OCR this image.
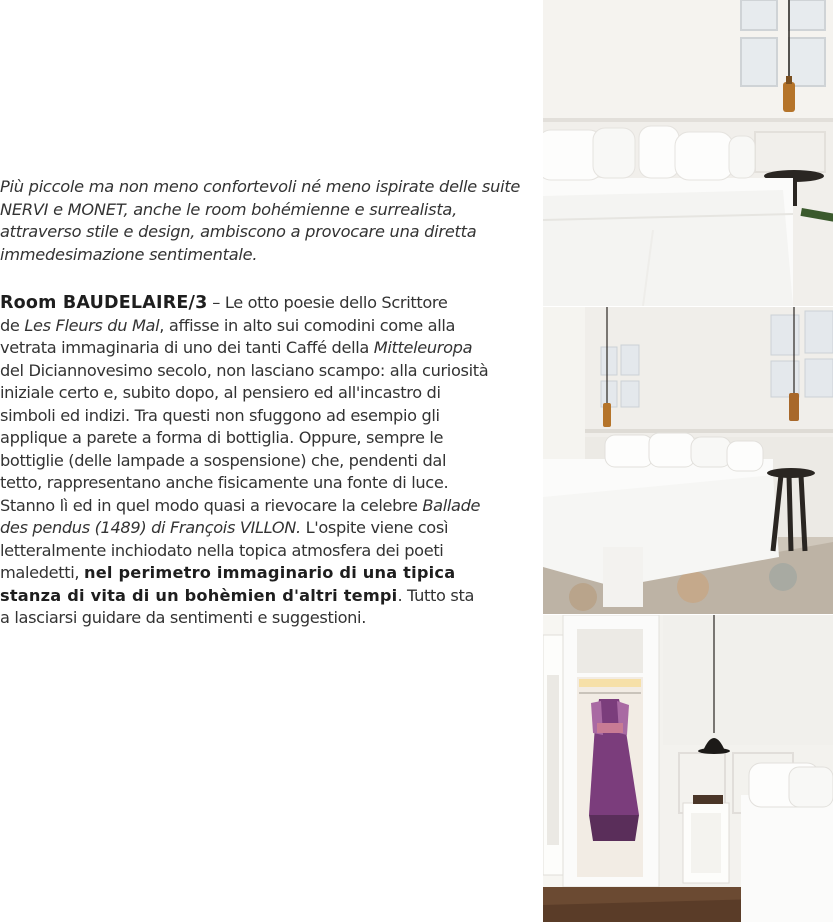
Più piccole ma non meno confortevoli né meno ispirate delle suite
NERVI e MONET, anche le room bohémienne e surrealista,
attraverso stile e design, ambiscono a provocare una diretta
immedesimazione sentimentale.

Room BAUDELAIRE/3 – Le otto poesie dello Scrittore
de Les Fleurs du Mal, affisse in alto sui comodini come alla
vetrata immaginaria di uno dei tanti Caffé della Mitteleuropa
del Diciannovesimo secolo, non lasciano scampo: alla curiosità
iniziale certo e, subito dopo, al pensiero ed all'incastro di
simboli ed indizi. Tra questi non sfuggono ad esempio gli
applique a parete a forma di bottiglia. Oppure, sempre le
bottiglie (delle lampade a sospensione) che, pendenti dal
tetto, rappresentano anche fisicamente una fonte di luce.
Stanno lì ed in quel modo quasi a rievocare la celebre Ballade
des pendus (1489) di François VILLON. L'ospite viene così
letteralmente inchiodato nella topica atmosfera dei poeti
maledetti, nel perimetro immaginario di una tipica
stanza di vita di un bohèmien d'altri tempi. Tutto sta
a lasciarsi guidare da sentimenti e suggestioni.
